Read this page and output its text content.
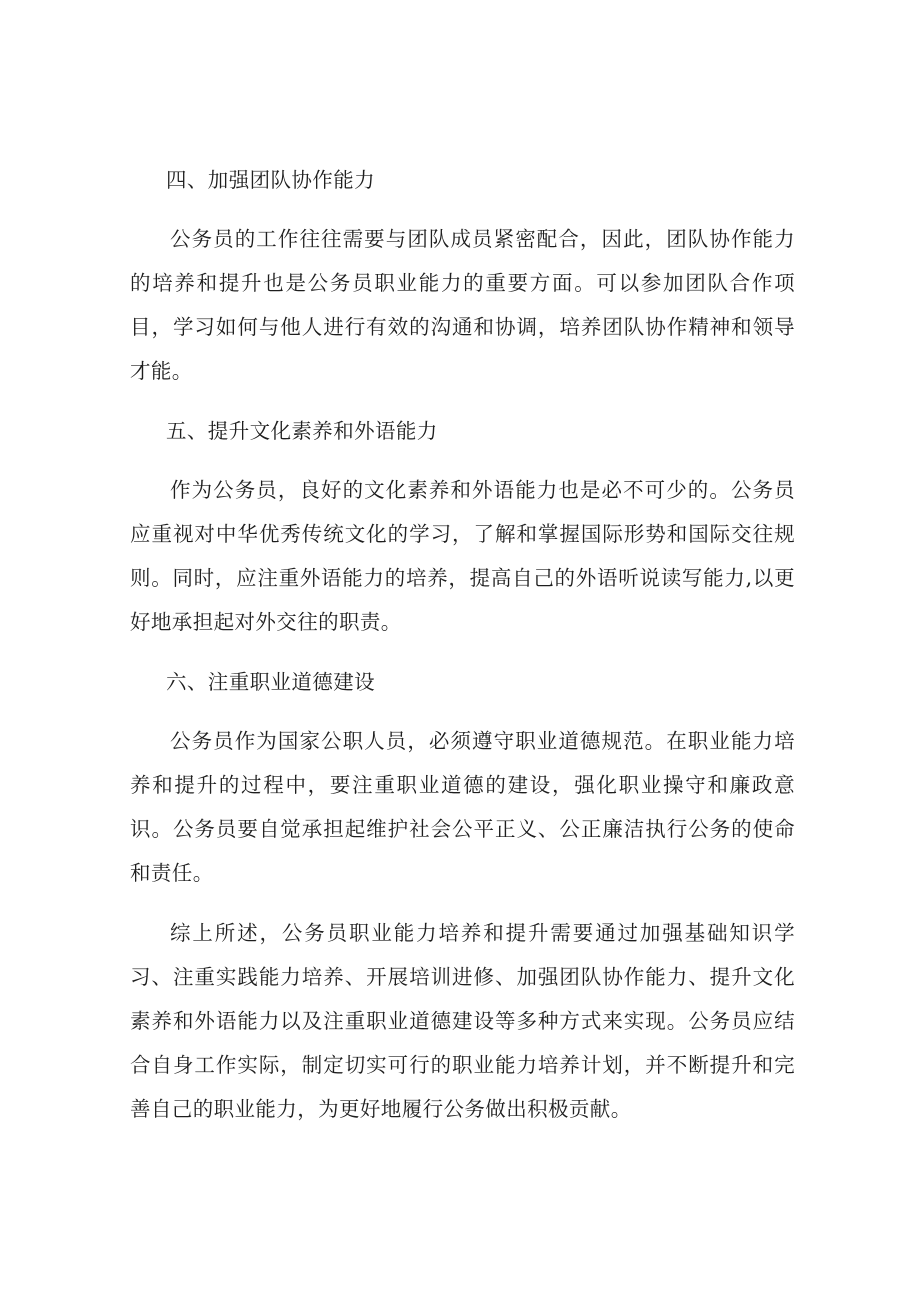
四、加强团队协作能力

公务员的工作往往需要与团队成员紧密配合，因此，团队协作能力的培养和提升也是公务员职业能力的重要方面。可以参加团队合作项目，学习如何与他人进行有效的沟通和协调，培养团队协作精神和领导才能。

五、提升文化素养和外语能力

作为公务员，良好的文化素养和外语能力也是必不可少的。公务员应重视对中华优秀传统文化的学习，了解和掌握国际形势和国际交往规则。同时，应注重外语能力的培养，提高自己的外语听说读写能力,以更好地承担起对外交往的职责。

六、注重职业道德建设

公务员作为国家公职人员，必须遵守职业道德规范。在职业能力培养和提升的过程中，要注重职业道德的建设，强化职业操守和廉政意识。公务员要自觉承担起维护社会公平正义、公正廉洁执行公务的使命和责任。

综上所述，公务员职业能力培养和提升需要通过加强基础知识学习、注重实践能力培养、开展培训进修、加强团队协作能力、提升文化素养和外语能力以及注重职业道德建设等多种方式来实现。公务员应结合自身工作实际，制定切实可行的职业能力培养计划，并不断提升和完善自己的职业能力，为更好地履行公务做出积极贡献。
